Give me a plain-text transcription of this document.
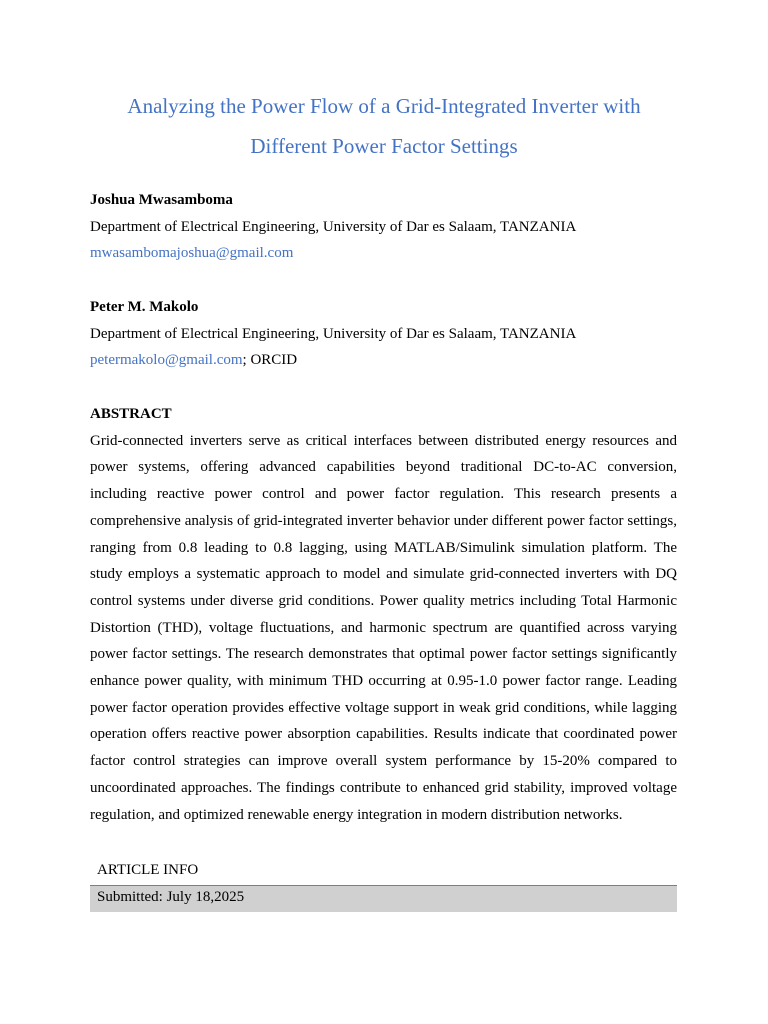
Analyzing the Power Flow of a Grid-Integrated Inverter with
Different Power Factor Settings
Joshua Mwasamboma
Department of Electrical Engineering, University of Dar es Salaam, TANZANIA
mwasambomajoshua@gmail.com
Peter M. Makolo
Department of Electrical Engineering, University of Dar es Salaam, TANZANIA
petermakolo@gmail.com; ORCID
ABSTRACT

Grid-connected inverters serve as critical interfaces between distributed energy resources and power systems, offering advanced capabilities beyond traditional DC-to-AC conversion, including reactive power control and power factor regulation. This research presents a comprehensive analysis of grid-integrated inverter behavior under different power factor settings, ranging from 0.8 leading to 0.8 lagging, using MATLAB/Simulink simulation platform. The study employs a systematic approach to model and simulate grid-connected inverters with DQ control systems under diverse grid conditions. Power quality metrics including Total Harmonic Distortion (THD), voltage fluctuations, and harmonic spectrum are quantified across varying power factor settings. The research demonstrates that optimal power factor settings significantly enhance power quality, with minimum THD occurring at 0.95-1.0 power factor range. Leading power factor operation provides effective voltage support in weak grid conditions, while lagging operation offers reactive power absorption capabilities. Results indicate that coordinated power factor control strategies can improve overall system performance by 15-20% compared to uncoordinated approaches. The findings contribute to enhanced grid stability, improved voltage regulation, and optimized renewable energy integration in modern distribution networks.

ARTICLE INFO
Submitted: July 18,2025
